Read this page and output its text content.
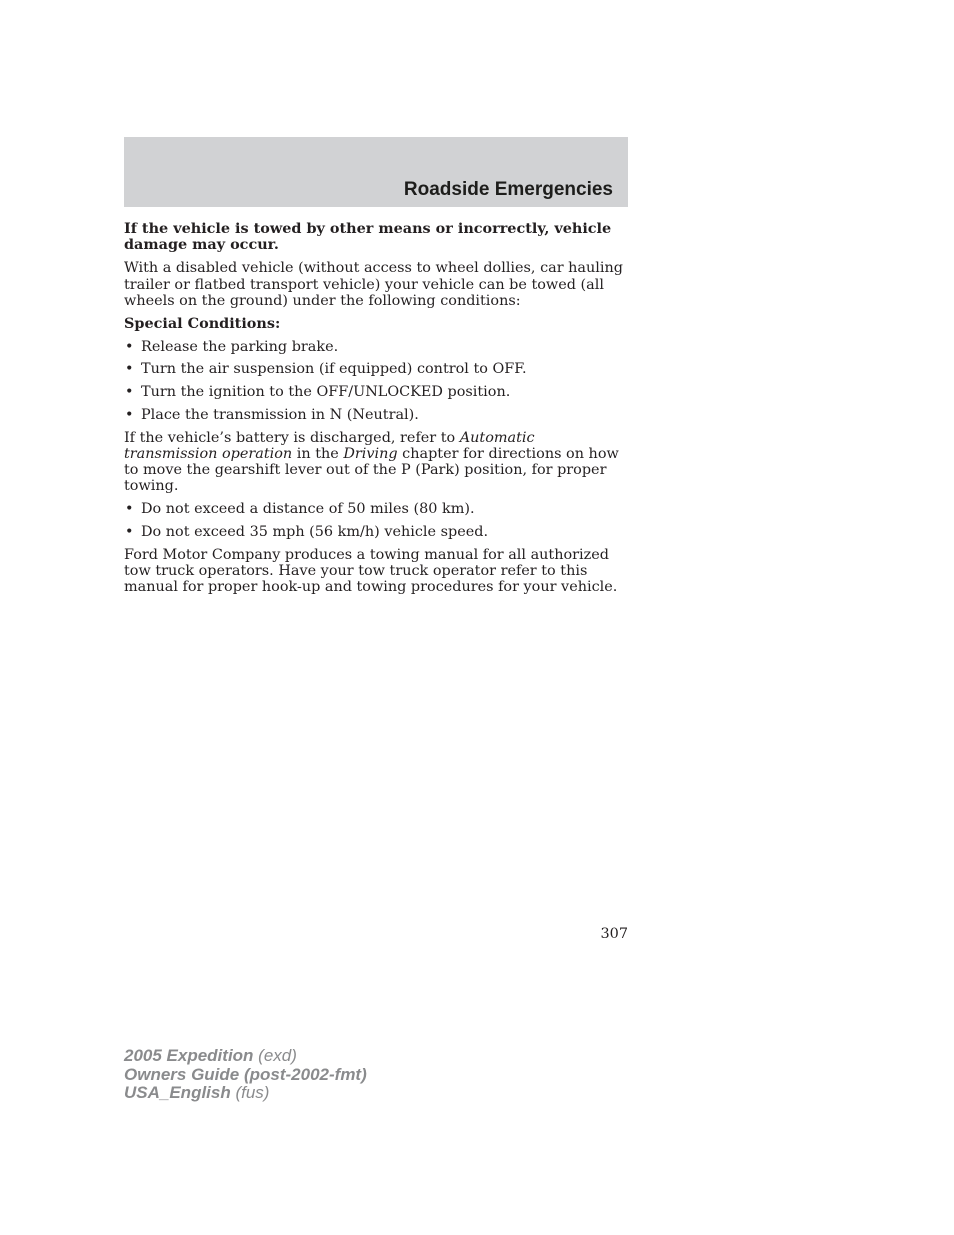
Roadside Emergencies

If the vehicle is towed by other means or incorrectly, vehicle damage may occur.

With a disabled vehicle (without access to wheel dollies, car hauling trailer or flatbed transport vehicle) your vehicle can be towed (all wheels on the ground) under the following conditions:

Special Conditions:

• Release the parking brake.
• Turn the air suspension (if equipped) control to OFF.
• Turn the ignition to the OFF/UNLOCKED position.
• Place the transmission in N (Neutral).

If the vehicle’s battery is discharged, refer to Automatic transmission operation in the Driving chapter for directions on how to move the gearshift lever out of the P (Park) position, for proper towing.

• Do not exceed a distance of 50 miles (80 km).
• Do not exceed 35 mph (56 km/h) vehicle speed.

Ford Motor Company produces a towing manual for all authorized tow truck operators. Have your tow truck operator refer to this manual for proper hook-up and towing procedures for your vehicle.

307
2005 Expedition (exd)
Owners Guide (post-2002-fmt)
USA_English (fus)
